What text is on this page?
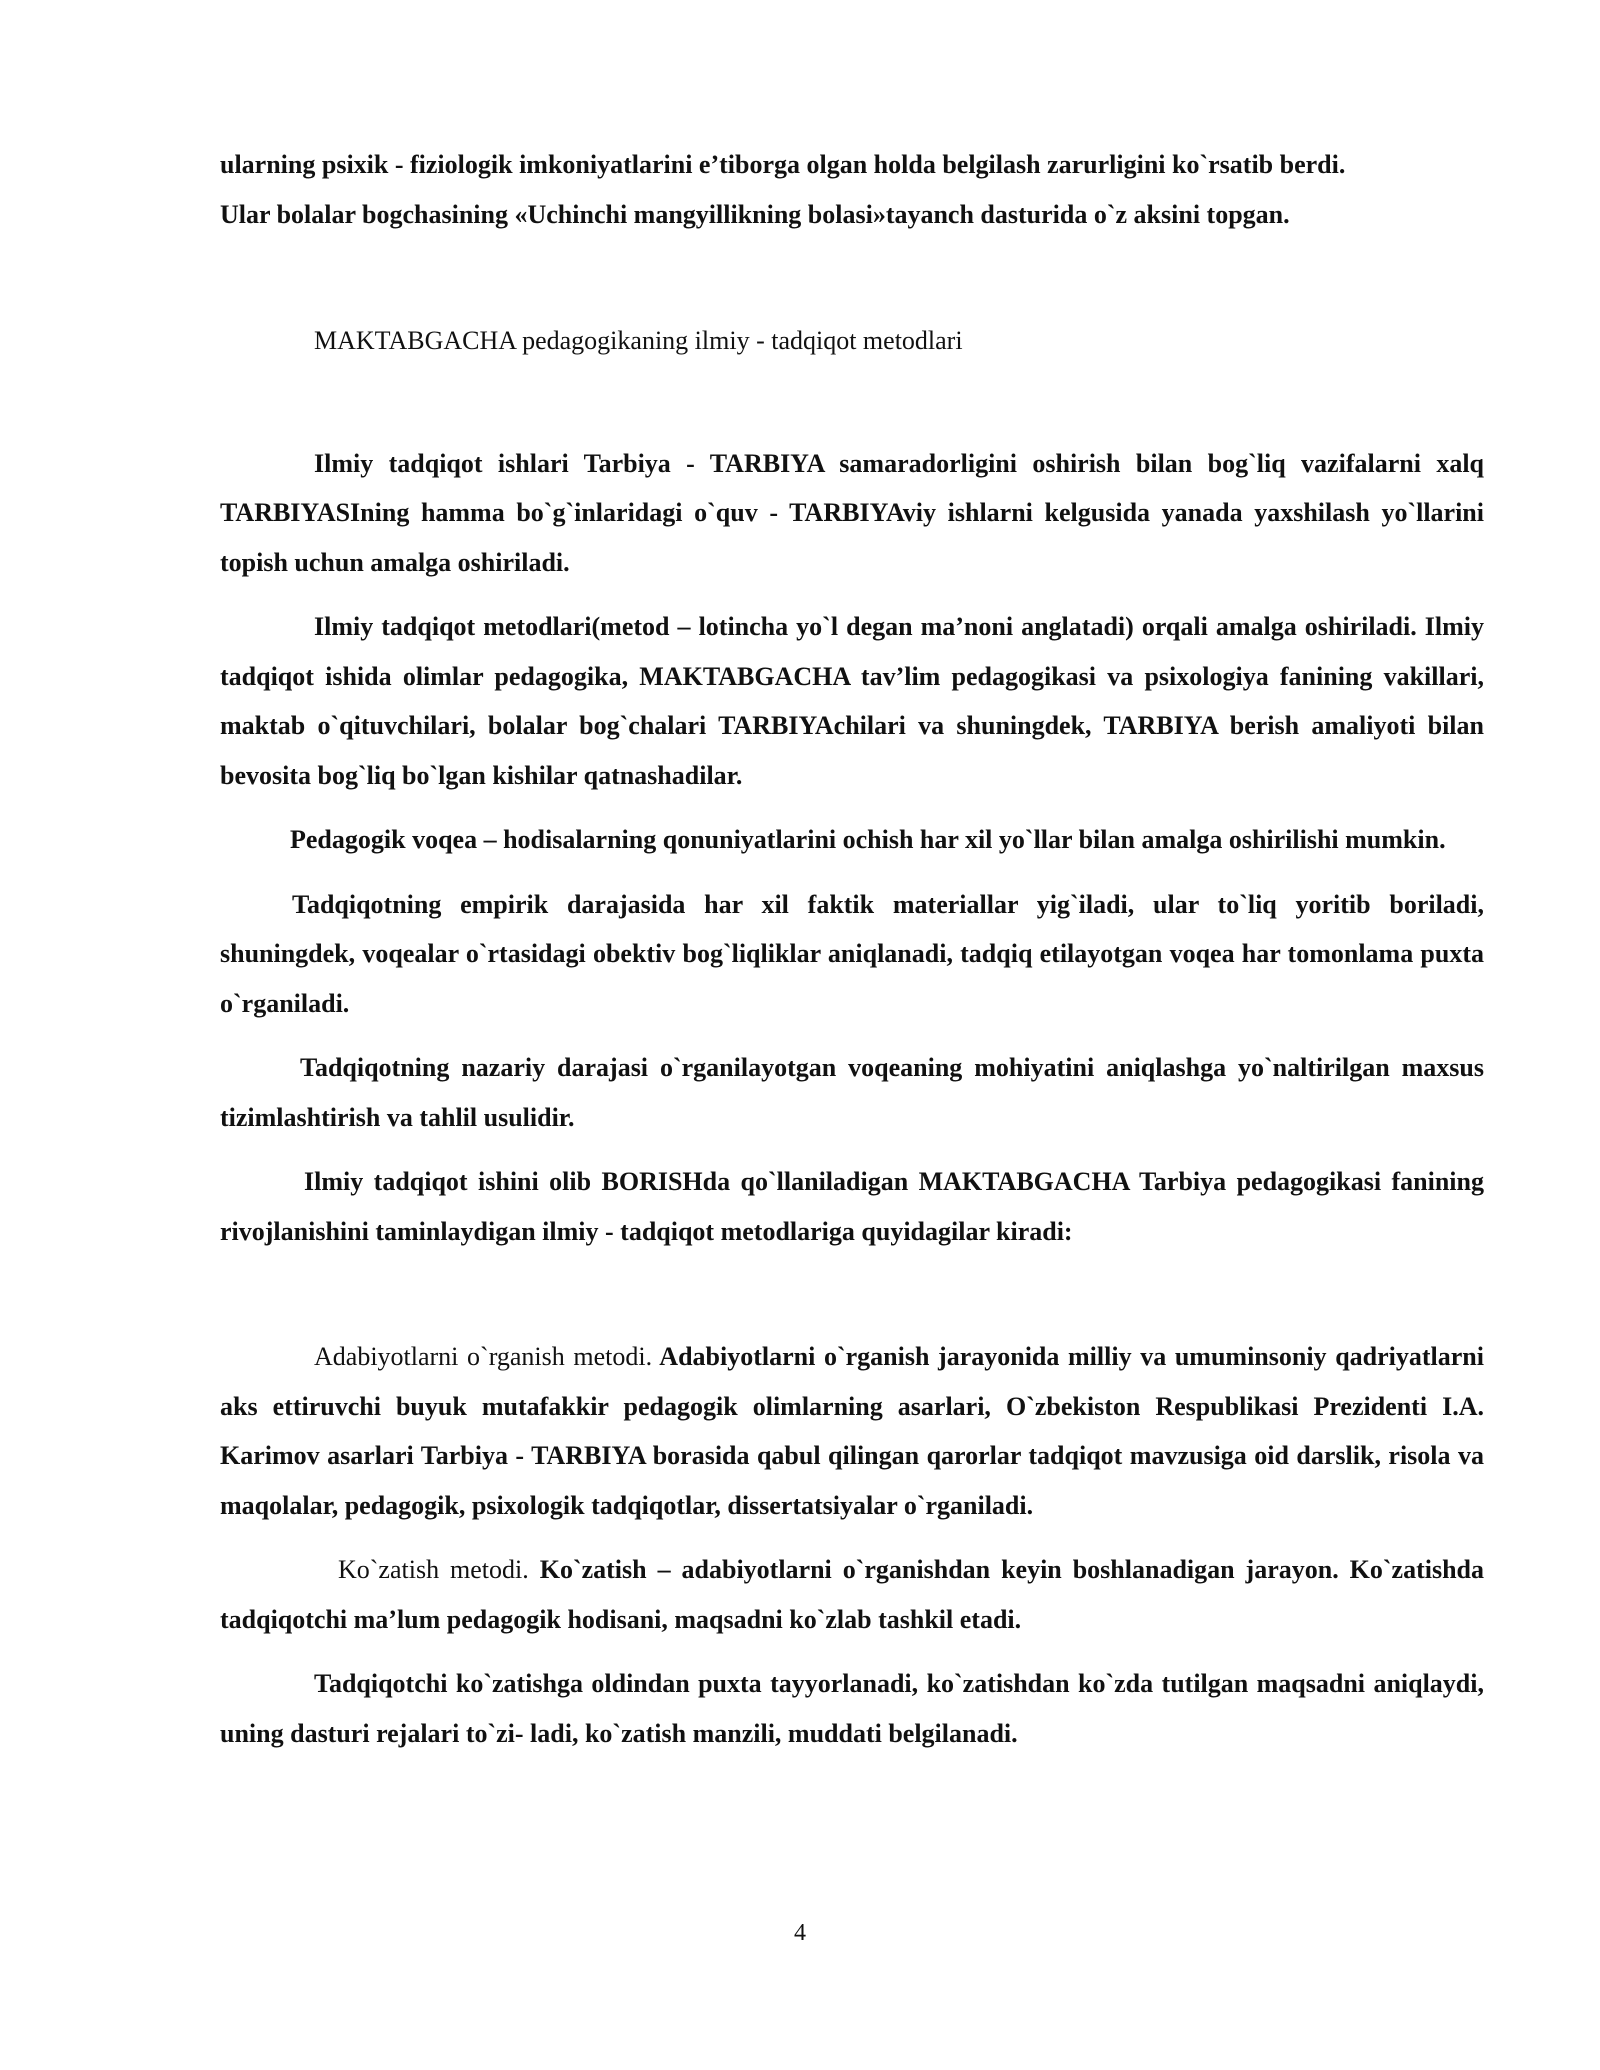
ularning psixik - fiziologik imkoniyatlarini e’tiborga olgan holda belgilash zarurligini ko`rsatib berdi.

Ular bolalar bogchasining «Uchinchi mangyillikning bolasi»tayanch dasturida o`z aksini topgan.

MAKTABGACHA pedagogikaning ilmiy - tadqiqot metodlari

Ilmiy tadqiqot ishlari Tarbiya - TARBIYA samaradorligini oshirish bilan bog`liq vazifalarni xalq TARBIYASIning hamma bo`g`inlaridagi o`quv - TARBIYAviy ishlarni kelgusida yanada yaxshilash yo`llarini topish uchun amalga oshiriladi.

Ilmiy tadqiqot metodlari(metod – lotincha yo`l degan ma’noni anglatadi) orqali amalga oshiriladi. Ilmiy tadqiqot ishida olimlar pedagogika, MAKTABGACHA tav’lim pedagogikasi va psixologiya fanining vakillari, maktab o`qituvchilari, bolalar bog`chalari TARBIYAchilari va shuningdek, TARBIYA berish amaliyoti bilan bevosita bog`liq bo`lgan kishilar qatnashadilar.

Pedagogik voqea – hodisalarning qonuniyatlarini ochish har xil yo`llar bilan amalga oshirilishi mumkin.

Tadqiqotning empirik darajasida har xil faktik materiallar yig`iladi, ular to`liq yoritib boriladi, shuningdek, voqealar o`rtasidagi obektiv bog`liqliklar aniqlanadi, tadqiq etilayotgan voqea har tomonlama puxta o`rganiladi.

Tadqiqotning nazariy darajasi o`rganilayotgan voqeaning mohiyatini aniqlashga yo`naltirilgan maxsus tizimlashtirish va tahlil usulidir.

Ilmiy tadqiqot ishini olib BORISHda qo`llaniladigan MAKTABGACHA Tarbiya pedagogikasi fanining rivojlanishini taminlaydigan ilmiy - tadqiqot metodlariga quyidagilar kiradi:

Adabiyotlarni o`rganish metodi. Adabiyotlarni o`rganish jarayonida milliy va umuminsoniy qadriyatlarni aks ettiruvchi buyuk mutafakkir pedagogik olimlarning asarlari, O`zbekiston Respublikasi Prezidenti I.A. Karimov asarlari Tarbiya - TARBIYA borasida qabul qilingan qarorlar tadqiqot mavzusiga oid darslik, risola va maqolalar, pedagogik, psixologik tadqiqotlar, dissertatsiyalar o`rganiladi.

Ko`zatish metodi. Ko`zatish – adabiyotlarni o`rganishdan keyin boshlanadigan jarayon. Ko`zatishda tadqiqotchi ma’lum pedagogik hodisani, maqsadni ko`zlab tashkil etadi.

Tadqiqotchi ko`zatishga oldindan puxta tayyorlanadi, ko`zatishdan ko`zda tutilgan maqsadni aniqlaydi, uning dasturi rejalari to`zi- ladi, ko`zatish manzili, muddati belgilanadi.

4
